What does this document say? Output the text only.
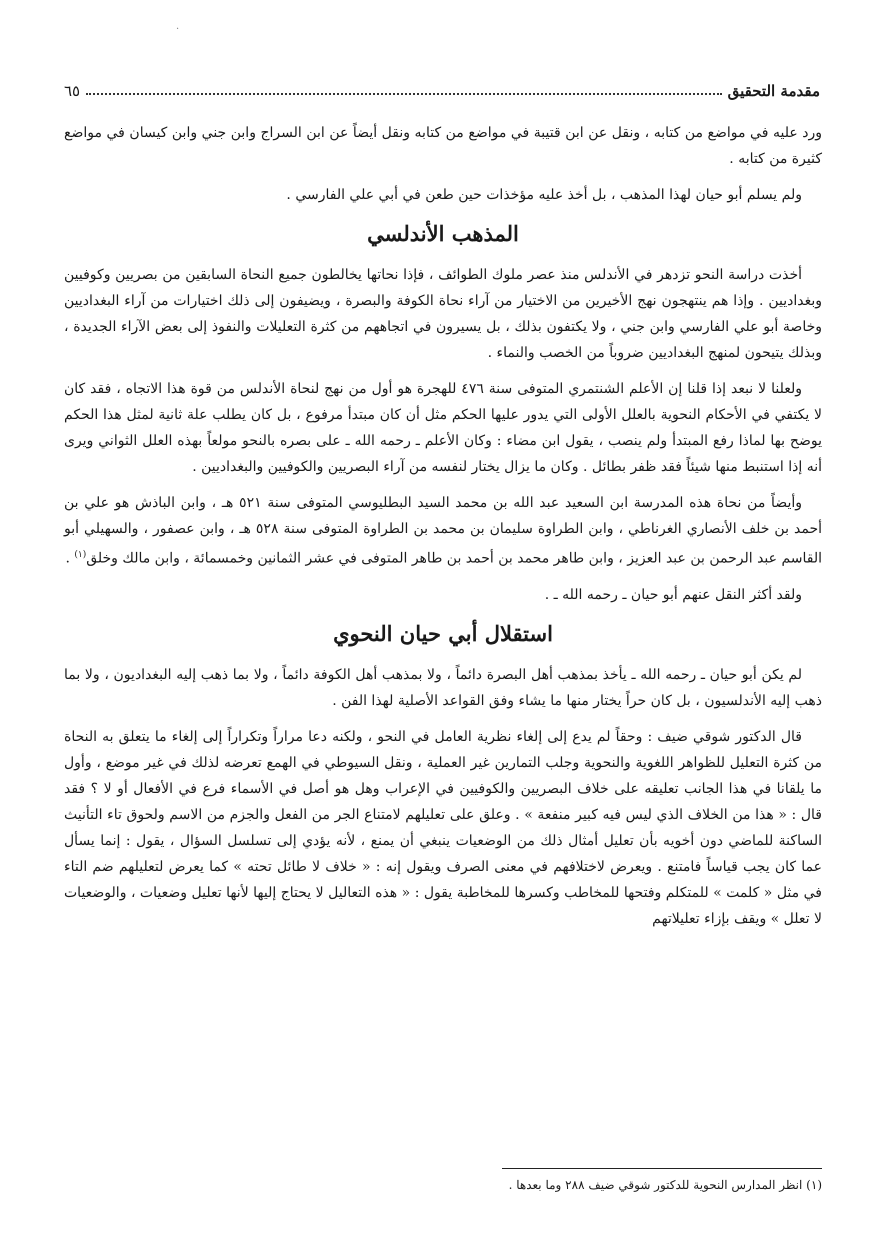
·
مقدمة التحقيق
٦٥

ورد عليه في مواضع من كتابه ، ونقل عن ابن قتيبة في مواضع من كتابه ونقل أيضاً عن ابن السراج وابن جني وابن كيسان في مواضع كثيرة من كتابه .

ولم يسلم أبو حيان لهذا المذهب ، بل أخذ عليه مؤخذات حين طعن في أبي علي الفارسي .

المذهب الأندلسي

أخذت دراسة النحو تزدهر في الأندلس منذ عصر ملوك الطوائف ، فإذا نحاتها يخالطون جميع النحاة السابقين من بصريين وكوفيين وبغداديين . وإذا هم ينتهجون نهج الأخيرين من الاختيار من آراء نحاة الكوفة والبصرة ، ويضيفون إلى ذلك اختيارات من آراء البغداديين وخاصة أبو علي الفارسي وابن جني ، ولا يكتفون بذلك ، بل يسيرون في اتجاههم من كثرة التعليلات والنفوذ إلى بعض الآراء الجديدة ، وبذلك يتيحون لمنهج البغداديين ضروباً من الخصب والنماء .

ولعلنا لا نبعد إذا قلنا إن الأعلم الشنتمري المتوفى سنة ٤٧٦ للهجرة هو أول من نهج لنحاة الأندلس من قوة هذا الاتجاه ، فقد كان لا يكتفي في الأحكام النحوية بالعلل الأولى التي يدور عليها الحكم مثل أن كان مبتدأ مرفوع ، بل كان يطلب علة ثانية لمثل هذا الحكم يوضح بها لماذا رفع المبتدأ ولم ينصب ، يقول ابن مضاء : وكان الأعلم ـ رحمه الله ـ على بصره بالنحو مولعاً بهذه العلل الثواني ويرى أنه إذا استنبط منها شيئاً فقد ظفر بطائل . وكان ما يزال يختار لنفسه من آراء البصريين والكوفيين والبغداديين .

وأيضاً من نحاة هذه المدرسة ابن السعيد عبد الله بن محمد السيد البطليوسي المتوفى سنة ٥٢١ هـ ، وابن الباذش هو علي بن أحمد بن خلف الأنصاري الغرناطي ، وابن الطراوة سليمان بن محمد بن الطراوة المتوفى سنة ٥٢٨ هـ ، وابن عصفور ، والسهيلي أبو القاسم عبد الرحمن بن عبد العزيز ، وابن طاهر محمد بن أحمد بن طاهر المتوفى في عشر الثمانين وخمسمائة ، وابن مالك وخلق$^{(١)}$ .

ولقد أكثر النقل عنهم أبو حيان ـ رحمه الله ـ .

استقلال أبي حيان النحوي

لم يكن أبو حيان ـ رحمه الله ـ يأخذ بمذهب أهل البصرة دائماً ، ولا بمذهب أهل الكوفة دائماً ، ولا بما ذهب إليه البغداديون ، ولا بما ذهب إليه الأندلسيون ، بل كان حراً يختار منها ما يشاء وفق القواعد الأصلية لهذا الفن .

قال الدكتور شوقي ضيف : وحقاً لم يدع إلى إلغاء نظرية العامل في النحو ، ولكنه دعا مراراً وتكراراً إلى إلغاء ما يتعلق به النحاة من كثرة التعليل للظواهر اللغوية والنحوية وجلب التمارين غير العملية ، ونقل السيوطي في الهمع تعرضه لذلك في غير موضع ، وأول ما يلقانا في هذا الجانب تعليقه على خلاف البصريين والكوفيين في الإعراب وهل هو أصل في الأسماء فرع في الأفعال أو لا ؟ فقد قال : « هذا من الخلاف الذي ليس فيه كبير منفعة » . وعلق على تعليلهم لامتناع الجر من الفعل والجزم من الاسم ولحوق تاء التأنيث الساكنة للماضي دون أخويه بأن تعليل أمثال ذلك من الوضعيات ينبغي أن يمنع ، لأنه يؤدي إلى تسلسل السؤال ، يقول : إنما يسأل عما كان يجب قياساً فامتنع . ويعرض لاختلافهم في معنى الصرف ويقول إنه : « خلاف لا طائل تحته » كما يعرض لتعليلهم ضم التاء في مثل « كلمت » للمتكلم وفتحها للمخاطب وكسرها للمخاطبة يقول : « هذه التعاليل لا يحتاج إليها لأنها تعليل وضعيات ، والوضعيات لا تعلل » ويقف بإزاء تعليلاتهم

(١) انظر المدارس النحوية للدكتور شوقي ضيف ٢٨٨ وما بعدها .
